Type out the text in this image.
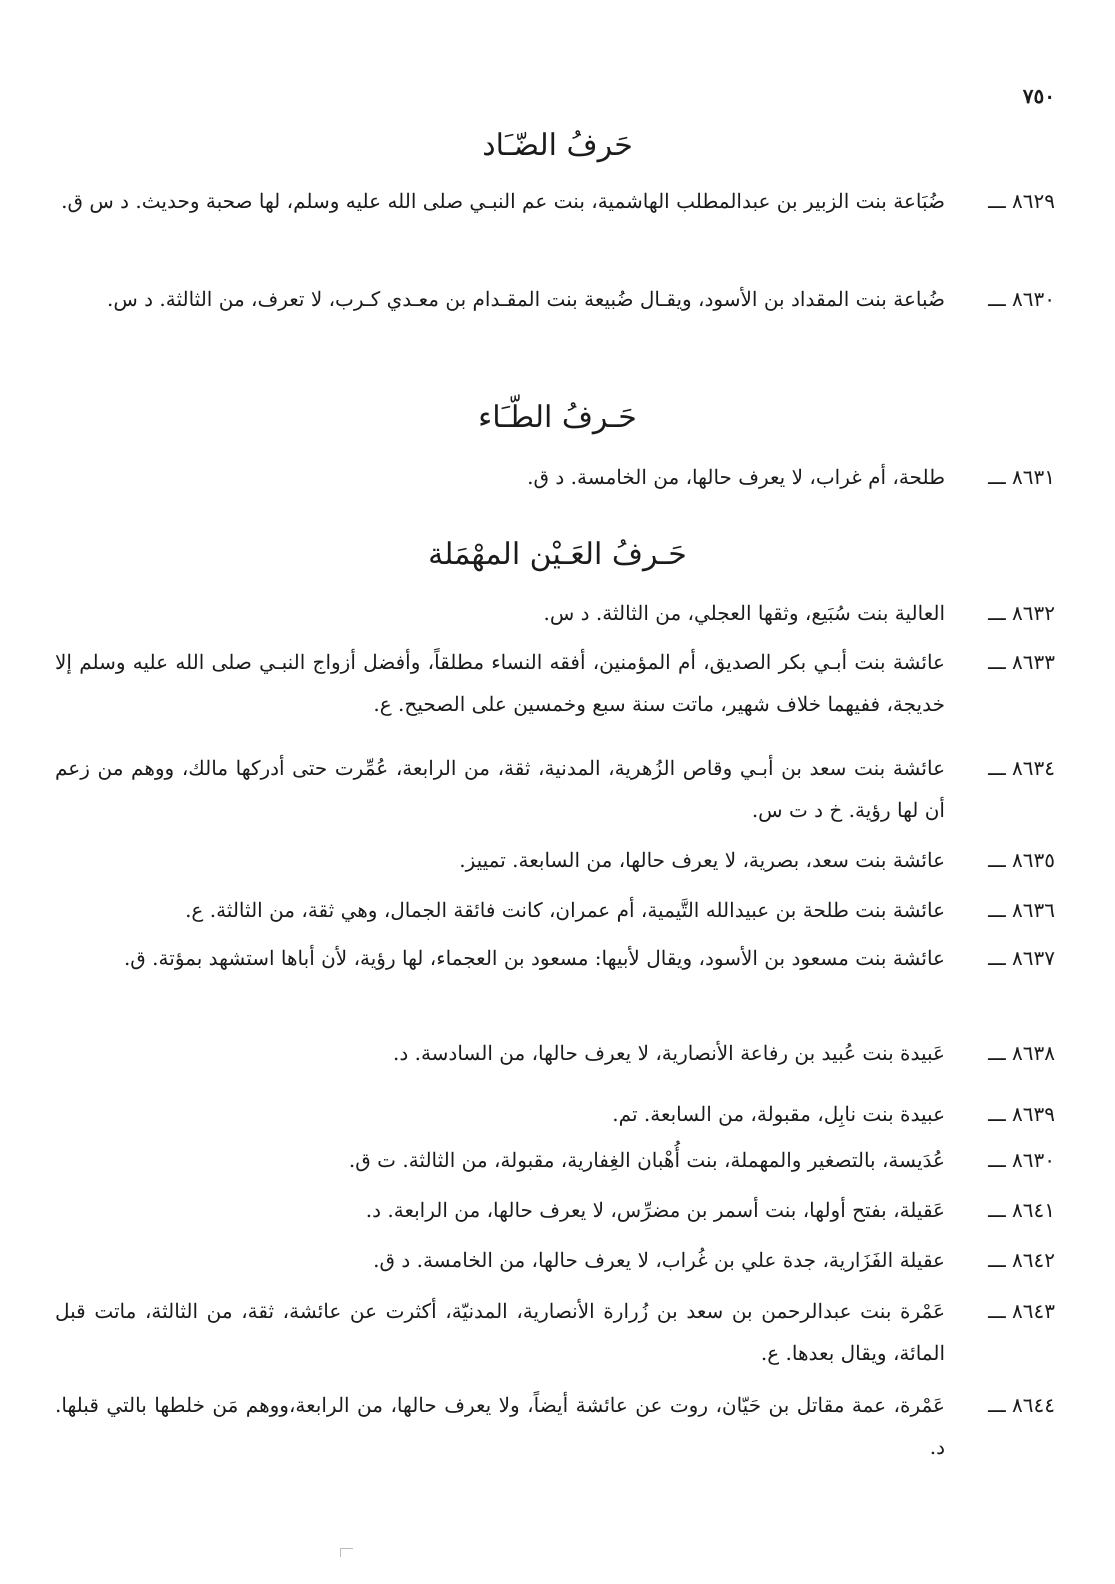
٧٥٠
حَرفُ الضّـَاد
٨٦٢٩ ـــ
ضُبَاعة بنت الزبير بن عبدالمطلب الهاشمية، بنت عم النبـي صلى الله عليه وسلم، لها صحبة وحديث. د س ق.
٨٦٣٠ ـــ
ضُباعة بنت المقداد بن الأسود، ويقـال ضُبيعة بنت المقـدام بن معـدي كـرب، لا تعرف، من الثالثة. د س.
حَـرفُ الطّـَاء
٨٦٣١ ـــ
طلحة، أم غراب، لا يعرف حالها، من الخامسة. د ق.
حَـرفُ العَـيْن المهْمَلة
٨٦٣٢ ـــ
العالية بنت سُبَيع، وثقها العجلي، من الثالثة. د س.
٨٦٣٣ ـــ
عائشة بنت أبـي بكر الصديق، أم المؤمنين، أفقه النساء مطلقاً، وأفضل أزواج النبـي صلى الله عليه وسلم إلا خديجة، ففيهما خلاف شهير، ماتت سنة سبع وخمسين على الصحيح. ع.
٨٦٣٤ ـــ
عائشة بنت سعد بن أبـي وقاص الزُهرية، المدنية، ثقة، من الرابعة، عُمِّرت حتى أدركها مالك، ووهم من زعم أن لها رؤية. خ د ت س.
٨٦٣٥ ـــ
عائشة بنت سعد، بصرية، لا يعرف حالها، من السابعة. تمييز.
٨٦٣٦ ـــ
عائشة بنت طلحة بن عبيدالله التَّيمية، أم عمران، كانت فائقة الجمال، وهي ثقة، من الثالثة. ع.
٨٦٣٧ ـــ
عائشة بنت مسعود بن الأسود، ويقال لأبيها: مسعود بن العجماء، لها رؤية، لأن أباها استشهد بمؤتة. ق.
٨٦٣٨ ـــ
عَبيدة بنت عُبيد بن رفاعة الأنصارية، لا يعرف حالها، من السادسة. د.
٨٦٣٩ ـــ
عبيدة بنت نابِل، مقبولة، من السابعة. تم.
٨٦٣٠ ـــ
عُدَيسة، بالتصغير والمهملة، بنت أُهْبان الغِفارية، مقبولة، من الثالثة. ت ق.
٨٦٤١ ـــ
عَقيلة، بفتح أولها، بنت أسمر بن مضرِّس، لا يعرف حالها، من الرابعة. د.
٨٦٤٢ ـــ
عقيلة الفَزَارية، جدة علي بن غُراب، لا يعرف حالها، من الخامسة. د ق.
٨٦٤٣ ـــ
عَمْرة بنت عبدالرحمن بن سعد بن زُرارة الأنصارية، المدنيّة، أكثرت عن عائشة، ثقة، من الثالثة، ماتت قبل المائة، ويقال بعدها. ع.
٨٦٤٤ ـــ
عَمْرة، عمة مقاتل بن حَيّان، روت عن عائشة أيضاً، ولا يعرف حالها، من الرابعة،ووهم مَن خلطها بالتي قبلها. د.
